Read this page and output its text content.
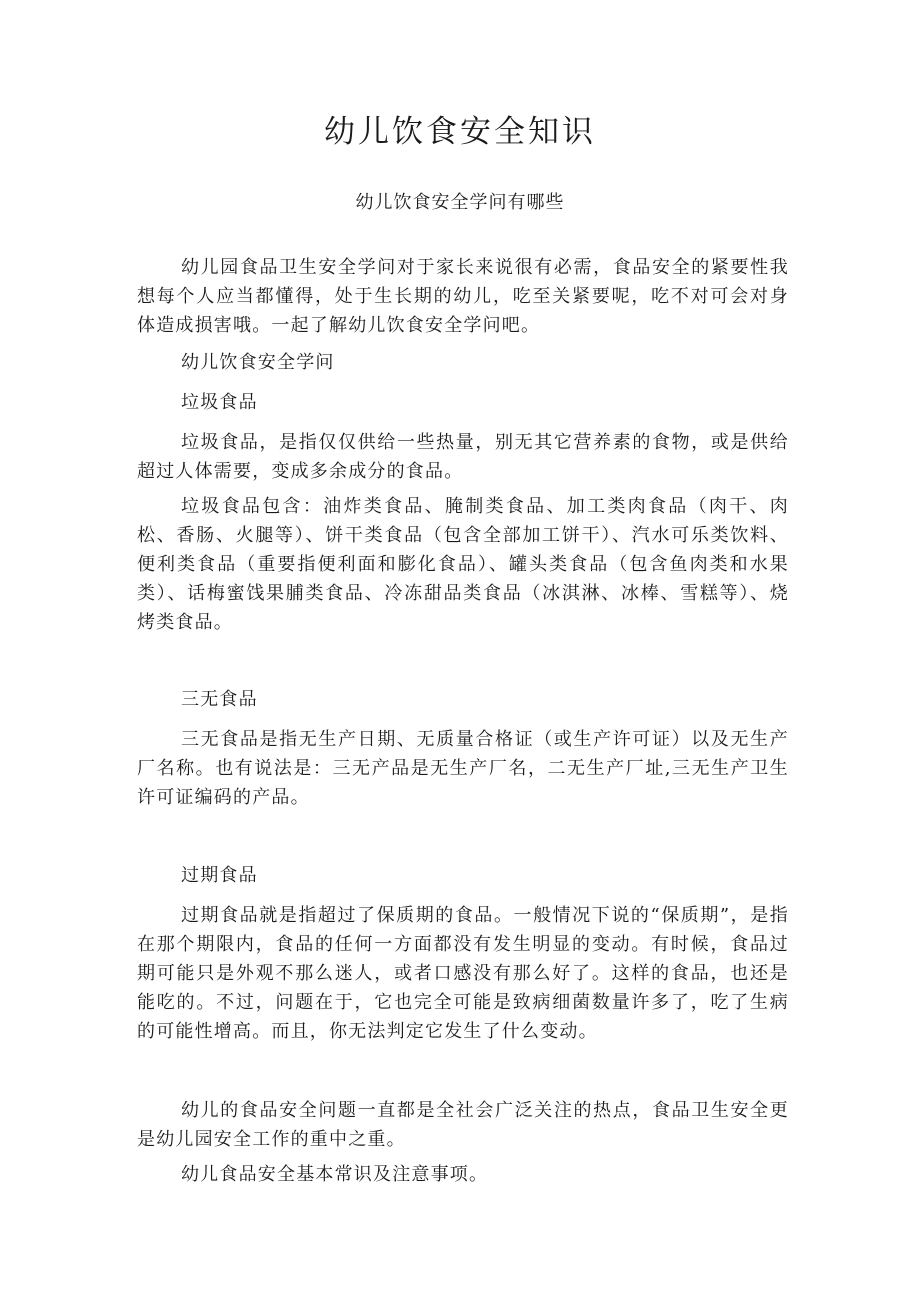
幼儿饮食安全知识

幼儿饮食安全学问有哪些

幼儿园食品卫生安全学问对于家长来说很有必需，食品安全的紧要性我想每个人应当都懂得，处于生长期的幼儿，吃至关紧要呢，吃不对可会对身体造成损害哦。一起了解幼儿饮食安全学问吧。

幼儿饮食安全学问

垃圾食品

垃圾食品，是指仅仅供给一些热量，别无其它营养素的食物，或是供给超过人体需要，变成多余成分的食品。

垃圾食品包含：油炸类食品、腌制类食品、加工类肉食品（肉干、肉松、香肠、火腿等）、饼干类食品（包含全部加工饼干）、汽水可乐类饮料、便利类食品（重要指便利面和膨化食品）、罐头类食品（包含鱼肉类和水果类）、话梅蜜饯果脯类食品、冷冻甜品类食品（冰淇淋、冰棒、雪糕等）、烧烤类食品。

三无食品

三无食品是指无生产日期、无质量合格证（或生产许可证）以及无生产厂名称。也有说法是：三无产品是无生产厂名，二无生产厂址,三无生产卫生许可证编码的产品。

过期食品

过期食品就是指超过了保质期的食品。一般情况下说的“保质期”，是指在那个期限内，食品的任何一方面都没有发生明显的变动。有时候，食品过期可能只是外观不那么迷人，或者口感没有那么好了。这样的食品，也还是能吃的。不过，问题在于，它也完全可能是致病细菌数量许多了，吃了生病的可能性增高。而且，你无法判定它发生了什么变动。

幼儿的食品安全问题一直都是全社会广泛关注的热点，食品卫生安全更是幼儿园安全工作的重中之重。

幼儿食品安全基本常识及注意事项。
